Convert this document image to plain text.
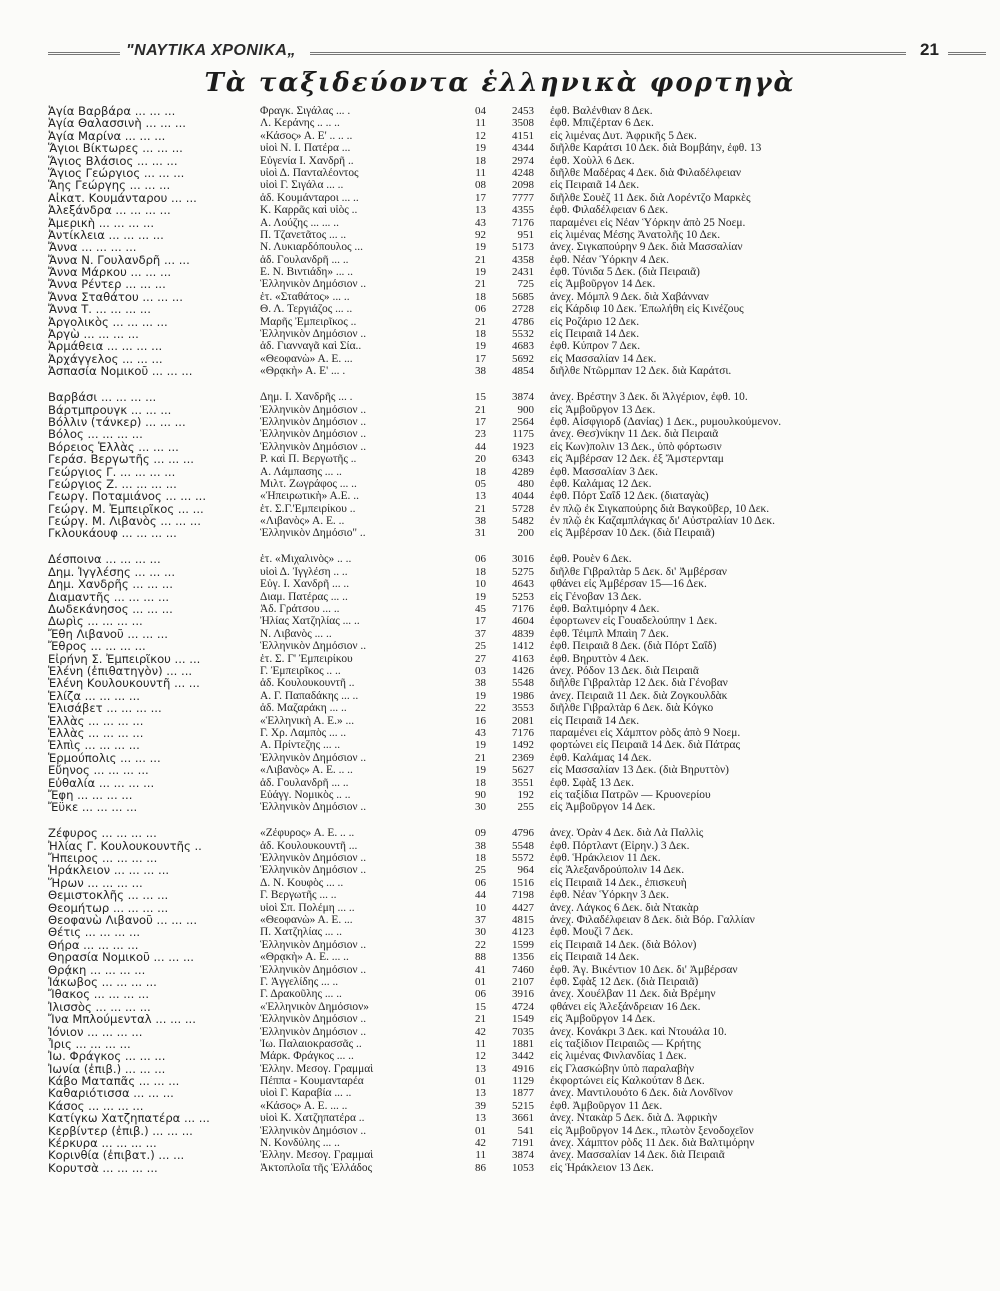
"ΝΑΥΤΙΚΑ ΧΡΟΝΙΚΑ„	21
Τὰ ταξιδεύοντα ἑλληνικὰ φορτηγὰ
Ἁγία Βαρβάρα ... ... ...	Φραγκ. Σιγάλας ... .	04	2453 ἐφθ. Βαλένθιαν 8 Δεκ.
Ἁγία Θαλασσινὴ ... ... ...	Λ. Κεράνης .. .. ..	11	3508 ἐφθ. Μπιζέρταν 6 Δεκ.
Ἁγία Μαρίνα ... ... ...	«Κάσος» Α. Ε' .. .. ..	12	4151 εἰς λιμένας Δυτ. Ἀφρικῆς 5 Δεκ.
Ἅγιοι Βίκτωρες ... ... ...	υἱοὶ Ν. Ι. Πατέρα ...	19	4344 διῆλθε Καράτσι 10 Δεκ. διὰ Βομβάην, ἐφθ. 13
Ἅγιος Βλάσιος ... ... ...	Εὐγενία Ι. Χανδρῆ ..	18	2974 ἐφθ. Χοὺλλ 6 Δεκ.
Ἅγιος Γεώργιος ... ... ...	υἱοὶ Δ. Πανταλέοντος	11	4248 διῆλθε Μαδέρας 4 Δεκ. διὰ Φιλαδέλφειαν
Ἅης Γεώργης ... ... ...	υἱοὶ Γ. Σιγάλα ... ..	08	2098 εἰς Πειραιᾶ 14 Δεκ.
Αἰκατ. Κουμάνταρου ... ...	ἀδ. Κουμάνταροι ... ..	17	7777 διῆλθε Σουὲζ 11 Δεκ. διὰ Λορέντζο Μαρκὲς
Ἀλεξάνδρα ... ... ... ...	Κ. Καρρᾶς καὶ υἱὸς ..	13	4355 ἐφθ. Φιλαδέλφειαν 6 Δεκ.
Ἀμερικὴ ... ... ... ...	Α. Λούζης ... ... ..	43	7176 παραμένει εἰς Νέαν Ὑόρκην ἀπὸ 25 Νοεμ.
Ἀντίκλεια ... ... ... ...	Π. Τζανετᾶτος ... ..	92	951 εἰς λιμένας Μέσης Ἀνατολῆς 10 Δεκ.
Ἄννα ... ... ... ...	Ν. Λυκιαρδόπουλος ...	19	5173 ἀνεχ. Σιγκαπούρην 9 Δεκ. διὰ Μασσαλίαν
Ἄννα Ν. Γουλανδρῆ ... ...	ἀδ. Γουλανδρῆ ... ..	21	4358 ἐφθ. Νέαν Ὑόρκην 4 Δεκ.
Ἄννα Μάρκου ... ... ...	Ε. Ν. Βιντιάδη» ... ..	19	2431 ἐφθ. Τύνιδα 5 Δεκ. (διὰ Πειραιᾶ)
Ἄννα Ρέντερ ... ... ...	Ἑλληνικὸν Δημόσιον ..	21	725 εἰς Ἀμβοῦργον 14 Δεκ.
Ἄννα Σταθάτου ... ... ...	ἑτ. «Σταθάτος» ... ..	18	5685 ἀνεχ. Μόμπλ 9 Δεκ. διὰ Χαβάνναν
Ἄννα Τ. ... ... ... ...	Θ. Λ. Τεργιάζος ... ..	06	2728 εἰς Κάρδιφ 10 Δεκ. Ἐπωλήθη εἰς Κινέζους
Ἀργολικὸς ... ... ... ...	Μαρῆς Ἐμπειρῖκος ..	21	4786 εἰς Ροζάριο 12 Δεκ.
Ἀργὼ ... ... ... ...	Ἑλληνικὸν Δημόσιον ..	18	5532 εἰς Πειραιᾶ 14 Δεκ.
Ἁρμάθεια ... ... ... ...	ἀδ. Γιανναγᾶ καὶ Σία..	19	4683 ἐφθ. Κύπρον 7 Δεκ.
Ἀρχάγγελος ... ... ...	«Θεοφανὼ» Α. Ε. ...	17	5692 εἰς Μασσαλίαν 14 Δεκ.
Ἀσπασία Νομικοῦ ... ... ...	«Θρᾳκὴ» Α. Ε' ... .	38	4854 διῆλθε Ντῶρμπαν 12 Δεκ. διὰ Καράτσι.
Βαρβάσι ... ... ... ...	Δημ. Ι. Χανδρῆς ... .	15	3874 ἀνεχ. Βρέστην 3 Δεκ. δι Ἀλγέριον, ἐφθ. 10.
Βάρτμπρουγκ ... ... ...	Ἑλληνικὸν Δημόσιον ..	21	900 εἰς Ἀμβοῦργον 13 Δεκ.
Βόλλιν (τάνκερ) ... ... ...	Ἑλληνικὸν Δημόσιον ..	17	2564 ἐφθ. Αἰσφγιορδ (Δανίας) 1 Δεκ., ρυμουλκούμενον.
Βόλος ... ... ... ...	Ἑλληνικὸν Δημόσιον ..	23	1175 ἀνεχ. Θεσ)νίκην 11 Δεκ. διὰ Πειραιᾶ
Βόρειος Ἑλλὰς ... ... ...	Ἑλληνικὸν Δημόσιον ..	44	1923 εἰς Κων)πολιν 13 Δεκ., ὑπὸ φόρτωσιν
Γεράσ. Βεργωτῆς ... ... ...	Ρ. καὶ Π. Βεργωτῆς ..	20	6343 εἰς Ἀμβέρσαν 12 Δεκ. ἐξ Ἄμστερνταμ
Γεώργιος Γ. ... ... ... ...	Α. Λάμπασης ... ..	18	4289 ἐφθ. Μασσαλίαν 3 Δεκ.
Γεώργιος Ζ. ... ... ... ...	Μιλτ. Ζωγράφος ... ..	05	480 ἐφθ. Καλάμας 12 Δεκ.
Γεωργ. Ποταμιάνος ... ... ...	«Ἠπειρωτικὴ» Α.Ε. ..	13	4044 ἐφθ. Πόρτ Σαΐδ 12 Δεκ. (διαταγὰς)
Γεώργ. Μ. Ἐμπειρῖκος ... ...	ἑτ. Σ.Γ.'Εμπειρίκου ..	21	5728 ἐν πλῷ ἐκ Σιγκαπούρης διὰ Βαγκοῦβερ, 10 Δεκ.
Γεώργ. Μ. Λιβανὸς ... ... ...	«Λιβανὸς» Α. Ε. ..	38	5482 ἐν πλῷ ἐκ Καζαμπλάγκας δι' Αὐστραλίαν 10 Δεκ.
Γκλουκάουφ ... ... ... ...	Ἑλληνικὸν Δημόσιο" ..	31	200 εἰς Ἀμβέρσαν 10 Δεκ. (διὰ Πειραιᾶ)
Δέσποινα ... ... ... ...	ἑτ. «Μιχαλινὸς» .. ..	06	3016 ἐφθ. Ρουὲν 6 Δεκ.
Δημ. Ἰγγλέσης ... ... ...	υἱοὶ Δ. Ἰγγλέση .. ..	18	5275 διῆλθε Γιβραλτὰρ 5 Δεκ. δι' Ἀμβέρσαν
Δημ. Χανδρῆς ... ... ...	Εὐγ. Ι. Χανδρῆ ... ..	10	4643 φθάνει εἰς Ἀμβέρσαν 15—16 Δεκ.
Διαμαντῆς ... ... ... ...	Διαμ. Πατέρας ... ..	19	5253 εἰς Γένοβαν 13 Δεκ.
Δωδεκάνησος ... ... ...	Ἀδ. Γράτσου ... ..	45	7176 ἐφθ. Βαλτιμόρην 4 Δεκ.
Δωρὶς ... ... ... ...	Ἠλίας Χατζηλίας ... ..	17	4604 ἐφορτωνεν εἰς Γουαδελούπην 1 Δεκ.
Ἔθη Λιβανοῦ ... ... ...	Ν. Λιβανὸς ... ..	37	4839 ἐφθ. Τέιμπλ Μπαὶη 7 Δεκ.
Ἔθρος ... ... ... ...	Ἑλληνικὸν Δημόσιον ..	25	1412 ἐφθ. Πειραιᾶ 8 Δεκ. (διὰ Πόρτ Σαΐδ)
Εἰρήνη Σ. Ἐμπειρῖκου ... ...	ἑτ. Σ. Γ' Ἐμπειρίκου	27	4163 ἐφθ. Βηρυττὸν 4 Δεκ.
Ἑλένη (ἐπιθατηγὸν) ... ...	Γ. Ἐμπειρῖκος .. ..	03	1426 ἀνεχ. Ρόδον 13 Δεκ. διὰ Πειραιᾶ
Ἑλένη Κουλουκουντῆ ... ...	ἀδ. Κουλουκουντῆ ..	38	5548 διῆλθε Γιβραλτὰρ 12 Δεκ. διὰ Γένοβαν
Ἑλίζα ... ... ... ...	Α. Γ. Παπαδάκης ... ..	19	1986 ἀνεχ. Πειραιᾶ 11 Δεκ. διὰ Ζογκουλδὰκ
Ἑλισάβετ ... ... ... ...	ἀδ. Μαζαράκη ... ..	22	3553 διῆλθε Γιβραλτὰρ 6 Δεκ. διὰ Κόγκο
Ἑλλὰς ... ... ... ...	«Ἑλληνικὴ Α. Ε.» ...	16	2081 εἰς Πειραιᾶ 14 Δεκ.
Ἑλλὰς ... ... ... ...	Γ. Χρ. Λαμπὸς ... ..	43	7176 παραμένει εἰς Χάμπτον ρὸδς ἀπὸ 9 Νοεμ.
Ἐλπὶς ... ... ... ...	Α. Πρίντεζης ... ..	19	1492 φορτώνει εἰς Πειραιᾶ 14 Δεκ. διὰ Πάτρας
Ἑρμούπολις ... ... ...	Ἑλληνικὸν Δημόσιον ..	21	2369 ἐφθ. Καλάμας 14 Δεκ.
Εὔηνος ... ... ... ...	«Λιβανὸς» Α. Ε. .. ..	19	5627 εἰς Μασσαλίαν 13 Δεκ. (διὰ Βηρυττὸν)
Εὐθαλία ... ... ... ...	ἀδ. Γουλανδρῆ ... ..	18	3551 ἐφθ. Σφὰξ 13 Δεκ.
Ἔφη ... ... ... ...	Εὐάγγ. Νομικὸς .. ..	90	192 εἰς ταξίδια Πατρῶν — Κρυονερίου
Ἔϋκε ... ... ... ...	Ἑλληνικὸν Δημόσιον ..	30	255 εἰς Ἀμβοῦργον 14 Δεκ.
Ζέφυρος ... ... ... ...	«Ζέφυρος» Α. Ε. .. ..	09	4796 ἀνεχ. Ὀρὰν 4 Δεκ. διὰ Λὰ Παλλὶς
Ἠλίας Γ. Κουλουκουντῆς ..	ἀδ. Κουλουκουντῆ ...	38	5548 ἐφθ. Πόρτλαντ (Εἰρην.) 3 Δεκ.
Ἤπειρος ... ... ... ...	Ἑλληνικὸν Δημόσιον ..	18	5572 ἐφθ. Ἡράκλειον 11 Δεκ.
Ἡράκλειον ... ... ... ...	Ἑλληνικὸν Δημόσιον ..	25	964 εἰς Ἀλεξανδρούπολιν 14 Δεκ.
Ἥρων ... ... ... ...	Δ. Ν. Κουφὸς ... ..	06	1516 εἰς Πειραιᾶ 14 Δεκ., ἐπισκευὴ
Θεμιστοκλῆς ... ... ...	Γ. Βεργωτῆς ... ..	44	7198 ἐφθ. Νέαν Ὑόρκην 3 Δεκ.
Θεομήτωρ ... ... ... ...	υἱοὶ Σπ. Πολέμη ... ..	10	4427 ἀνεχ. Λάγκος 6 Δεκ. διὰ Ντακὰρ
Θεοφανὼ Λιβανοῦ ... ... ...	«Θεοφανὼ» Α. Ε. ...	37	4815 ἀνεχ. Φιλαδέλφειαν 8 Δεκ. διὰ Βόρ. Γαλλίαν
Θέτις ... ... ... ...	Π. Χατζηλίας ... ..	30	4123 ἐφθ. Μουζὶ 7 Δεκ.
Θήρα ... ... ... ...	Ἑλληνικὸν Δημόσιον ..	22	1599 εἰς Πειραιᾶ 14 Δεκ. (διὰ Βόλον)
Θηρασία Νομικοῦ ... ... ...	«Θρᾳκὴ» Α. Ε. ... ..	88	1356 εἰς Πειραιᾶ 14 Δεκ.
Θρᾴκη ... ... ... ...	Ἑλληνικὸν Δημόσιον ..	41	7460 ἐφθ. Ἁγ. Βικέντιον 10 Δεκ. δι' Ἀμβέρσαν
Ἰάκωβος ... ... ... ...	Γ. Ἀγγελίδης ... ..	01	2107 ἐφθ. Σφὰξ 12 Δεκ. (διὰ Πειραιᾶ)
Ἴθακος ... ... ... ...	Γ. Δρακοῦλης ... ..	06	3916 ἀνεχ. Χουέλβαν 11 Δεκ. διὰ Βρέμην
Ἰλισσὸς ... ... ... ...	«Ἑλληνικὸν Δημόσιον»	15	4724 φθάνει εἰς Ἀλεξάνδρειαν 16 Δεκ.
Ἴνα Μπλούμενταλ ... ... ...	Ἑλληνικὸν Δημόσιον ..	21	1549 εἰς Ἀμβοῦργον 14 Δεκ.
Ἰόνιον ... ... ... ...	Ἑλληνικὸν Δημόσιον ..	42	7035 ἀνεχ. Κονάκρι 3 Δεκ. καὶ Ντουάλα 10.
Ἶρις ... ... ... ...	Ἰω. Παλαιοκρασσᾶς ..	11	1881 εἰς ταξίδιον Πειραιῶς — Κρήτης
Ἰω. Φράγκος ... ... ...	Μάρκ. Φράγκος ... ..	12	3442 εἰς λιμένας Φινλανδίας 1 Δεκ.
Ἰωνία (ἐπιβ.) ... ... ...	Ἑλλην. Μεσογ. Γραμμαὶ	13	4916 εἰς Γλασκώβην ὑπὸ παραλαβὴν
Κάβο Ματαπᾶς ... ... ...	Πέππα - Κουμανταρέα	01	1129 ἐκφορτώνει εἰς Καλκούταν 8 Δεκ.
Καθαριότισσα ... ... ...	υἱοὶ Γ. Καραβία ... ..	13	1877 ἀνεχ. Μαντιλουότο 6 Δεκ. διὰ Λονδῖνον
Κάσος ... ... ... ...	«Κάσος» Α. Ε. ... ..	39	5215 ἐφθ. Ἀμβοῦργον 11 Δεκ.
Κατίγκω Χατζηπατέρα ... ...	υἱοὶ Κ. Χατζηπατέρα ..	13	3661 ἀνεχ. Ντακὰρ 5 Δεκ. διὰ Δ. Ἀφρικὴν
Κερβίντερ (ἐπιβ.) ... ... ...	Ἑλληνικὸν Δημόσιον ..	01	541 εἰς Ἀμβοῦργον 14 Δεκ., πλωτὸν ξενοδοχεῖον
Κέρκυρα ... ... ... ...	Ν. Κονδύλης ... ..	42	7191 ἀνεχ. Χάμπτον ρὸδς 11 Δεκ. διὰ Βαλτιμόρην
Κορινθία (ἐπιβατ.) ... ...	Ἑλλην. Μεσογ. Γραμμαὶ	11	3874 ἀνεχ. Μασσαλίαν 14 Δεκ. διὰ Πειραιᾶ
Κορυτσὰ ... ... ... ...	Ἀκτοπλοΐα τῆς Ἑλλάδος	86	1053 εἰς Ἡράκλειον 13 Δεκ.
